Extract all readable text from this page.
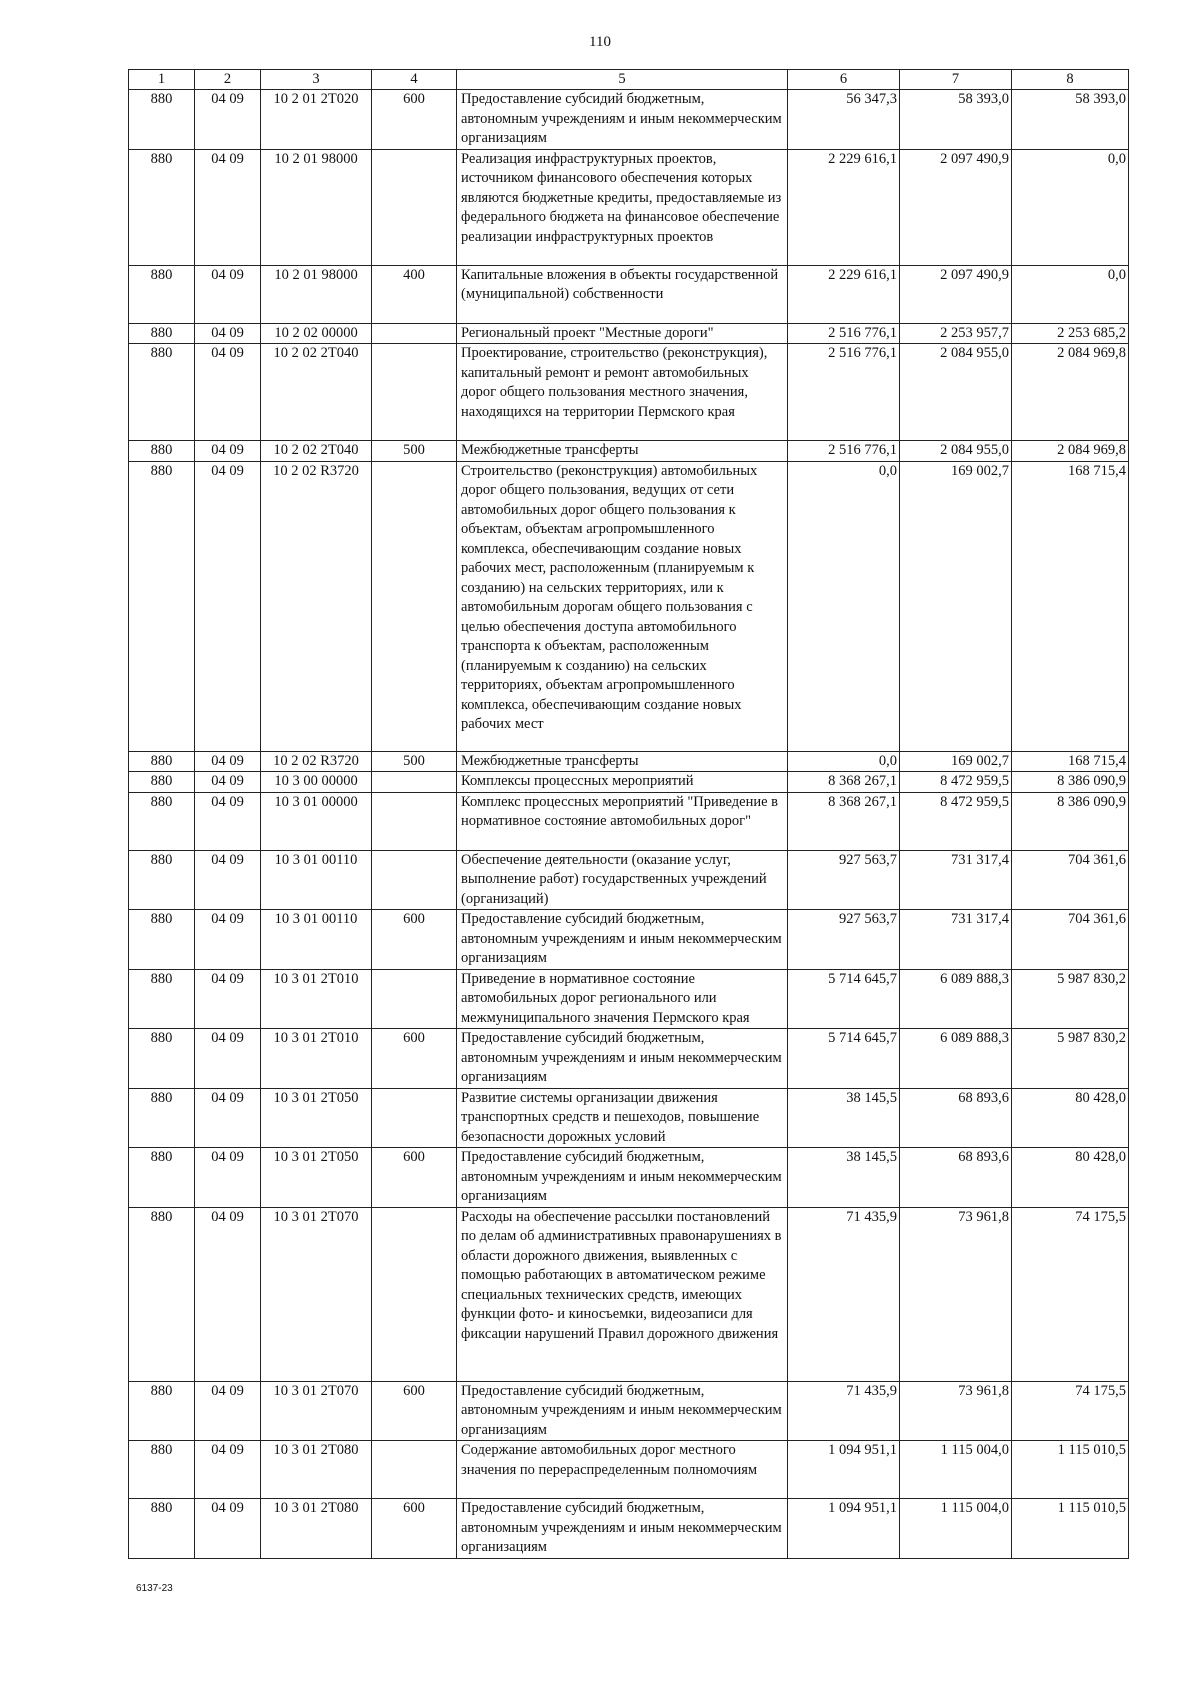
110
1	2	3	4	5	6	7	8
880	04 09	10 2 01 2Т020	600	Предоставление субсидий бюджетным, автономным учреждениям и иным некоммерческим организациям	56 347,3	58 393,0	58 393,0
880	04 09	10 2 01 98000		Реализация инфраструктурных проектов, источником финансового обеспечения которых являются бюджетные кредиты, предоставляемые из федерального бюджета на финансовое обеспечение реализации инфраструктурных проектов	2 229 616,1	2 097 490,9	0,0
880	04 09	10 2 01 98000	400	Капитальные вложения в объекты государственной (муниципальной) собственности	2 229 616,1	2 097 490,9	0,0
880	04 09	10 2 02 00000		Региональный проект "Местные дороги"	2 516 776,1	2 253 957,7	2 253 685,2
880	04 09	10 2 02 2Т040		Проектирование, строительство (реконструкция), капитальный ремонт и ремонт автомобильных дорог общего пользования местного значения, находящихся на территории Пермского края	2 516 776,1	2 084 955,0	2 084 969,8
880	04 09	10 2 02 2Т040	500	Межбюджетные трансферты	2 516 776,1	2 084 955,0	2 084 969,8
880	04 09	10 2 02 R3720		Строительство (реконструкция) автомобильных дорог общего пользования, ведущих от сети автомобильных дорог общего пользования к объектам, объектам агропромышленного комплекса, обеспечивающим создание новых рабочих мест, расположенным (планируемым к созданию) на сельских территориях, или к автомобильным дорогам общего пользования с целью обеспечения доступа автомобильного транспорта к объектам, расположенным (планируемым к созданию) на сельских территориях, объектам агропромышленного комплекса, обеспечивающим создание новых рабочих мест	0,0	169 002,7	168 715,4
880	04 09	10 2 02 R3720	500	Межбюджетные трансферты	0,0	169 002,7	168 715,4
880	04 09	10 3 00 00000		Комплексы процессных мероприятий	8 368 267,1	8 472 959,5	8 386 090,9
880	04 09	10 3 01 00000		Комплекс процессных мероприятий "Приведение в нормативное состояние автомобильных дорог"	8 368 267,1	8 472 959,5	8 386 090,9
880	04 09	10 3 01 00110		Обеспечение деятельности (оказание услуг, выполнение работ) государственных учреждений (организаций)	927 563,7	731 317,4	704 361,6
880	04 09	10 3 01 00110	600	Предоставление субсидий бюджетным, автономным учреждениям и иным некоммерческим организациям	927 563,7	731 317,4	704 361,6
880	04 09	10 3 01 2Т010		Приведение в нормативное состояние автомобильных дорог регионального или межмуниципального значения Пермского края	5 714 645,7	6 089 888,3	5 987 830,2
880	04 09	10 3 01 2Т010	600	Предоставление субсидий бюджетным, автономным учреждениям и иным некоммерческим организациям	5 714 645,7	6 089 888,3	5 987 830,2
880	04 09	10 3 01 2Т050		Развитие системы организации движения транспортных средств и пешеходов, повышение безопасности дорожных условий	38 145,5	68 893,6	80 428,0
880	04 09	10 3 01 2Т050	600	Предоставление субсидий бюджетным, автономным учреждениям и иным некоммерческим организациям	38 145,5	68 893,6	80 428,0
880	04 09	10 3 01 2Т070		Расходы на обеспечение рассылки постановлений по делам об административных правонарушениях в области дорожного движения, выявленных с помощью работающих в автоматическом режиме специальных технических средств, имеющих функции фото- и киносъемки, видеозаписи для фиксации нарушений Правил дорожного движения	71 435,9	73 961,8	74 175,5
880	04 09	10 3 01 2Т070	600	Предоставление субсидий бюджетным, автономным учреждениям и иным некоммерческим организациям	71 435,9	73 961,8	74 175,5
880	04 09	10 3 01 2Т080		Содержание автомобильных дорог местного значения по перераспределенным полномочиям	1 094 951,1	1 115 004,0	1 115 010,5
880	04 09	10 3 01 2Т080	600	Предоставление субсидий бюджетным, автономным учреждениям и иным некоммерческим организациям	1 094 951,1	1 115 004,0	1 115 010,5
6137-23
